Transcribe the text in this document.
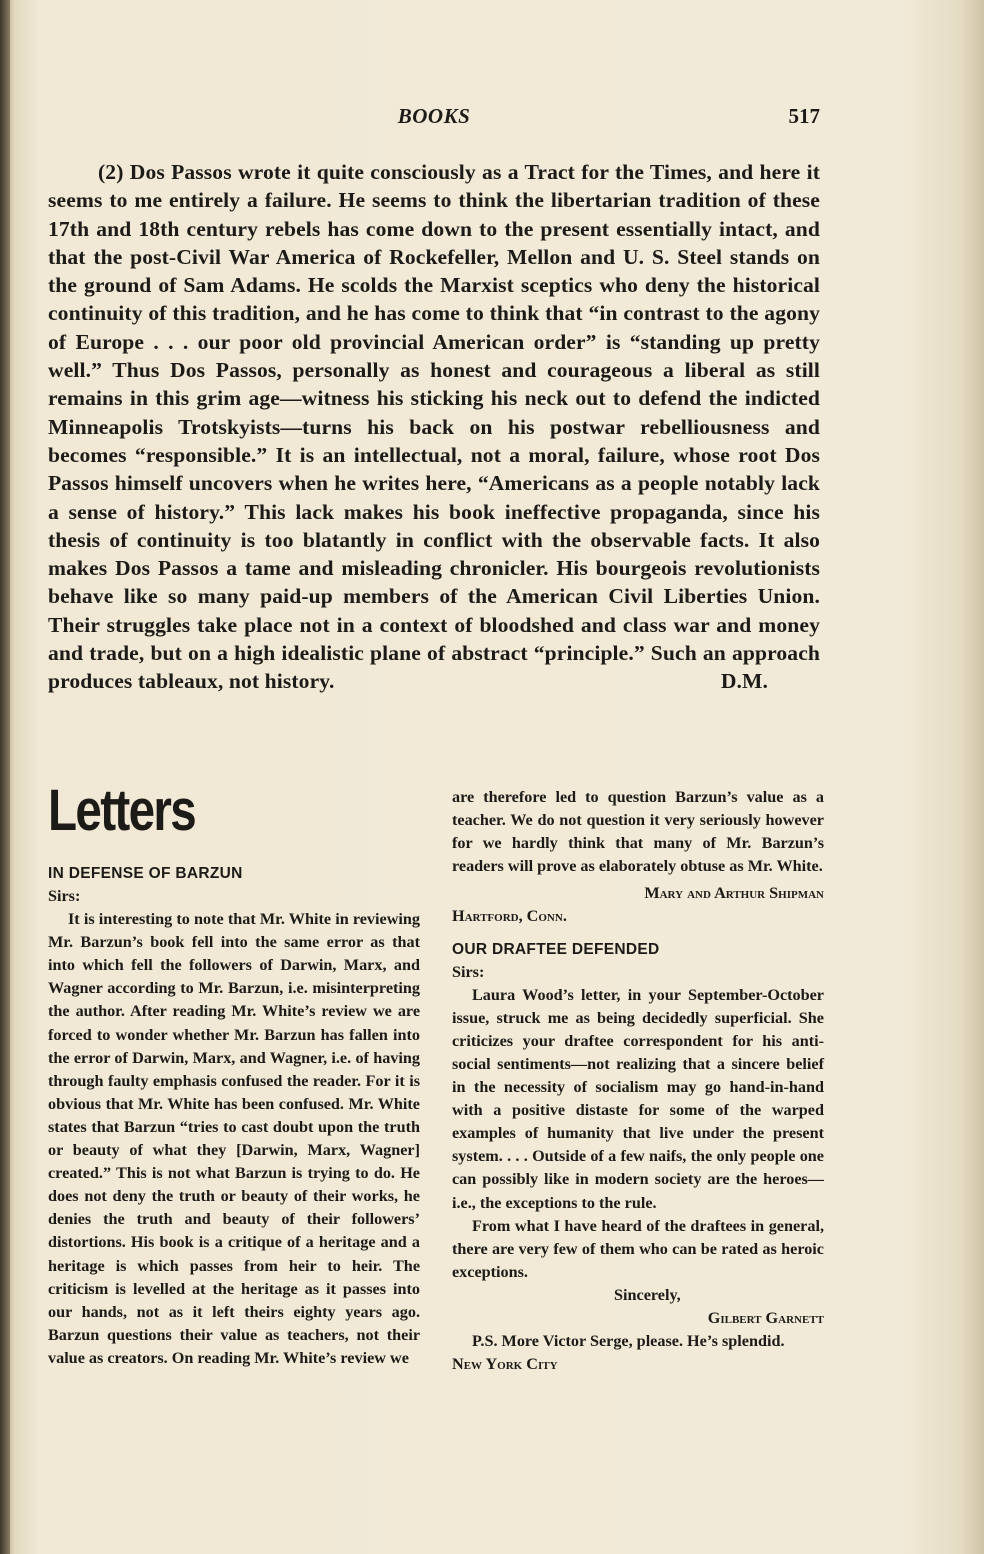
BOOKS	517
(2) Dos Passos wrote it quite consciously as a Tract for the Times, and here it seems to me entirely a failure. He seems to think the libertarian tradition of these 17th and 18th century rebels has come down to the present essentially intact, and that the post-Civil War America of Rockefeller, Mellon and U. S. Steel stands on the ground of Sam Adams. He scolds the Marxist sceptics who deny the historical continuity of this tradition, and he has come to think that “in contrast to the agony of Europe . . . our poor old provincial American order” is “standing up pretty well.” Thus Dos Passos, personally as honest and courageous a liberal as still remains in this grim age—witness his sticking his neck out to defend the indicted Minneapolis Trotskyists—turns his back on his postwar rebelliousness and becomes “responsible.” It is an intellectual, not a moral, failure, whose root Dos Passos himself uncovers when he writes here, “Americans as a people notably lack a sense of history.” This lack makes his book ineffective propaganda, since his thesis of continuity is too blatantly in conflict with the observable facts. It also makes Dos Passos a tame and misleading chronicler. His bourgeois revolutionists behave like so many paid-up members of the American Civil Liberties Union. Their struggles take place not in a context of bloodshed and class war and money and trade, but on a high idealistic plane of abstract “principle.” Such an approach produces tableaux, not history.	D.M.
Letters
IN DEFENSE OF BARZUN

Sirs:

It is interesting to note that Mr. White in reviewing Mr. Barzun’s book fell into the same error as that into which fell the followers of Darwin, Marx, and Wagner according to Mr. Barzun, i.e. misinterpreting the author. After reading Mr. White’s review we are forced to wonder whether Mr. Barzun has fallen into the error of Darwin, Marx, and Wagner, i.e. of having through faulty emphasis confused the reader. For it is obvious that Mr. White has been confused. Mr. White states that Barzun “tries to cast doubt upon the truth or beauty of what they [Darwin, Marx, Wagner] created.” This is not what Barzun is trying to do. He does not deny the truth or beauty of their works, he denies the truth and beauty of their followers’ distortions. His book is a critique of a heritage and a heritage is which passes from heir to heir. The criticism is levelled at the heritage as it passes into our hands, not as it left theirs eighty years ago. Barzun questions their value as teachers, not their value as creators. On reading Mr. White’s review we

are therefore led to question Barzun’s value as a teacher. We do not question it very seriously however for we hardly think that many of Mr. Barzun’s readers will prove as elaborately obtuse as Mr. White.

Mary and Arthur Shipman

Hartford, Conn.

OUR DRAFTEE DEFENDED

Sirs:

Laura Wood’s letter, in your September-October issue, struck me as being decidedly superficial. She criticizes your draftee correspondent for his anti-social sentiments—not realizing that a sincere belief in the necessity of socialism may go hand-in-hand with a positive distaste for some of the warped examples of humanity that live under the present system. . . . Outside of a few naifs, the only people one can possibly like in modern society are the heroes—i.e., the exceptions to the rule.

From what I have heard of the draftees in general, there are very few of them who can be rated as heroic exceptions.

Sincerely,

Gilbert Garnett

P.S. More Victor Serge, please. He’s splendid.

New York City
